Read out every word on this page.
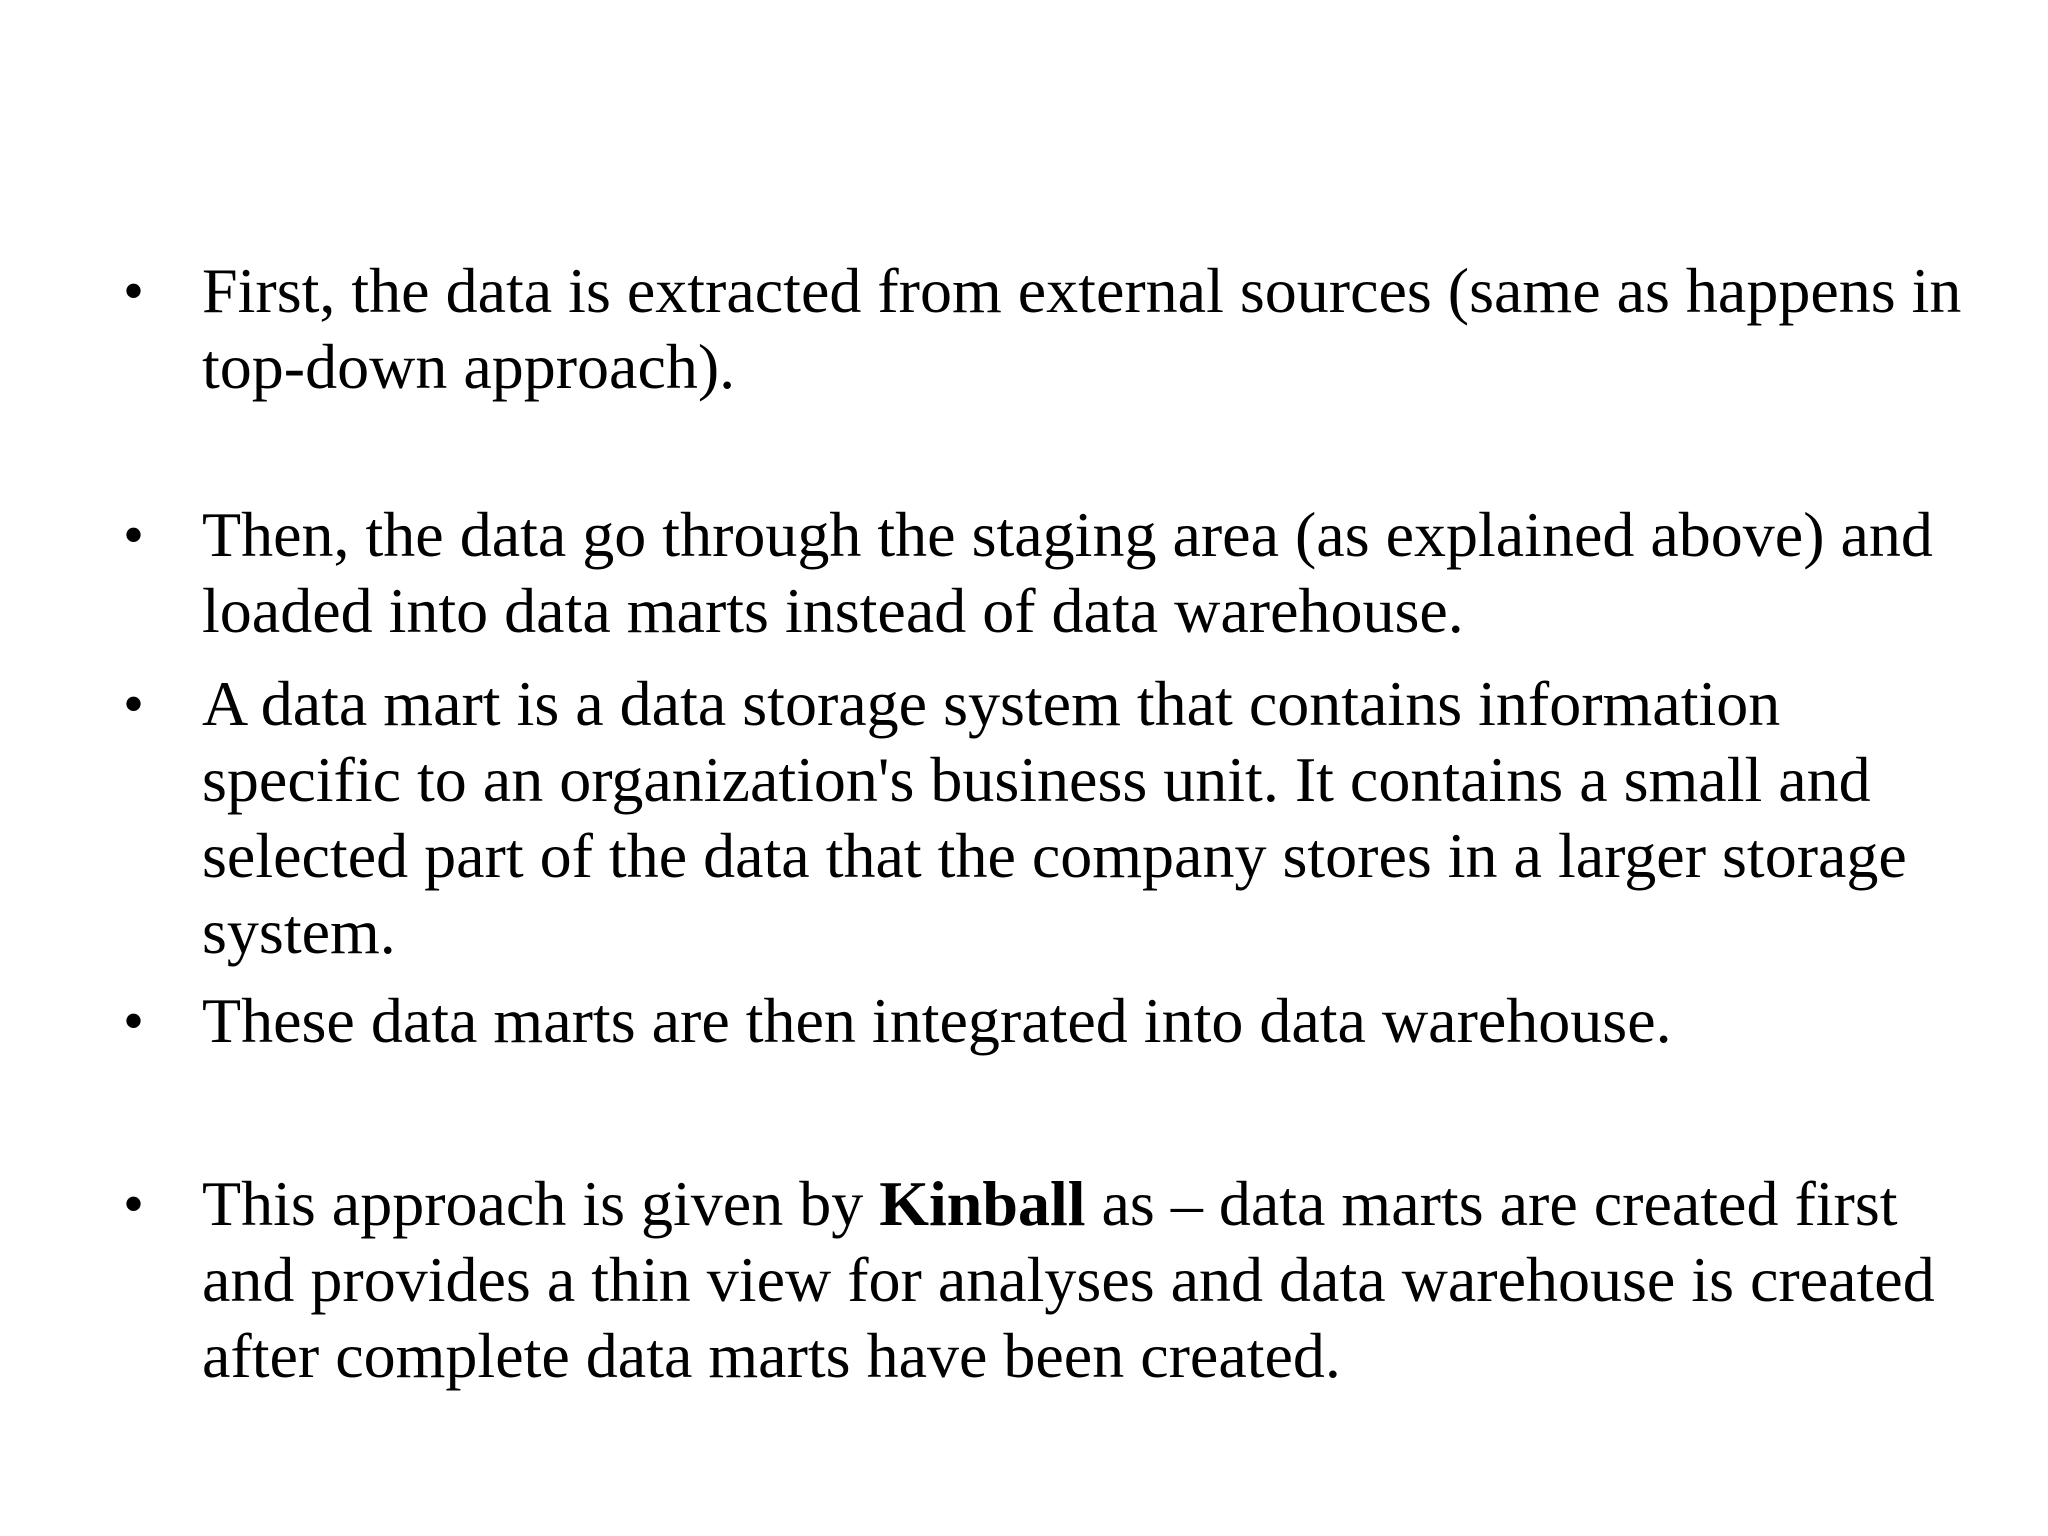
• First, the data is extracted from external sources (same as happens in
top-down approach).

• Then, the data go through the staging area (as explained above) and
loaded into data marts instead of data warehouse.

• A data mart is a data storage system that contains information
specific to an organization's business unit. It contains a small and
selected part of the data that the company stores in a larger storage
system.

• These data marts are then integrated into data warehouse.

• This approach is given by Kinball as – data marts are created first
and provides a thin view for analyses and data warehouse is created
after complete data marts have been created.
